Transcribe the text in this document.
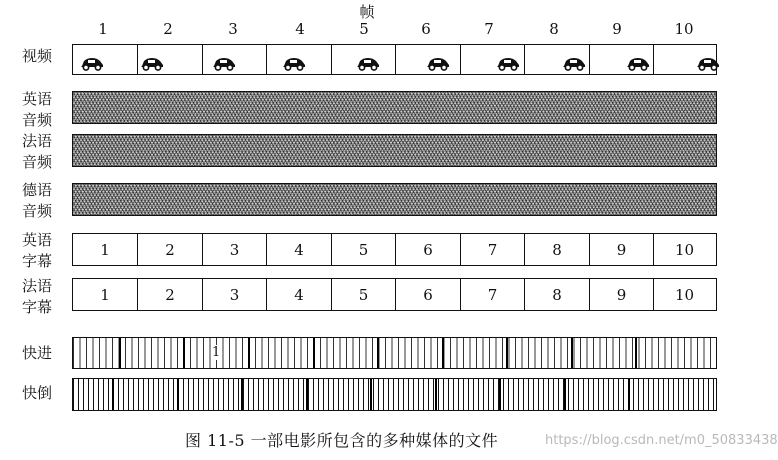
帧
1	2	3	4	5	6	7	8	9	10
视频
英语
音频
法语
音频
德语
音频
英语
字幕
1	2	3	4	5	6	7	8	9	10
法语
字幕
1	2	3	4	5	6	7	8	9	10
快进	1
快倒
图 11-5 一部电影所包含的多种媒体的文件	https://blog.csdn.net/m0_50833438
